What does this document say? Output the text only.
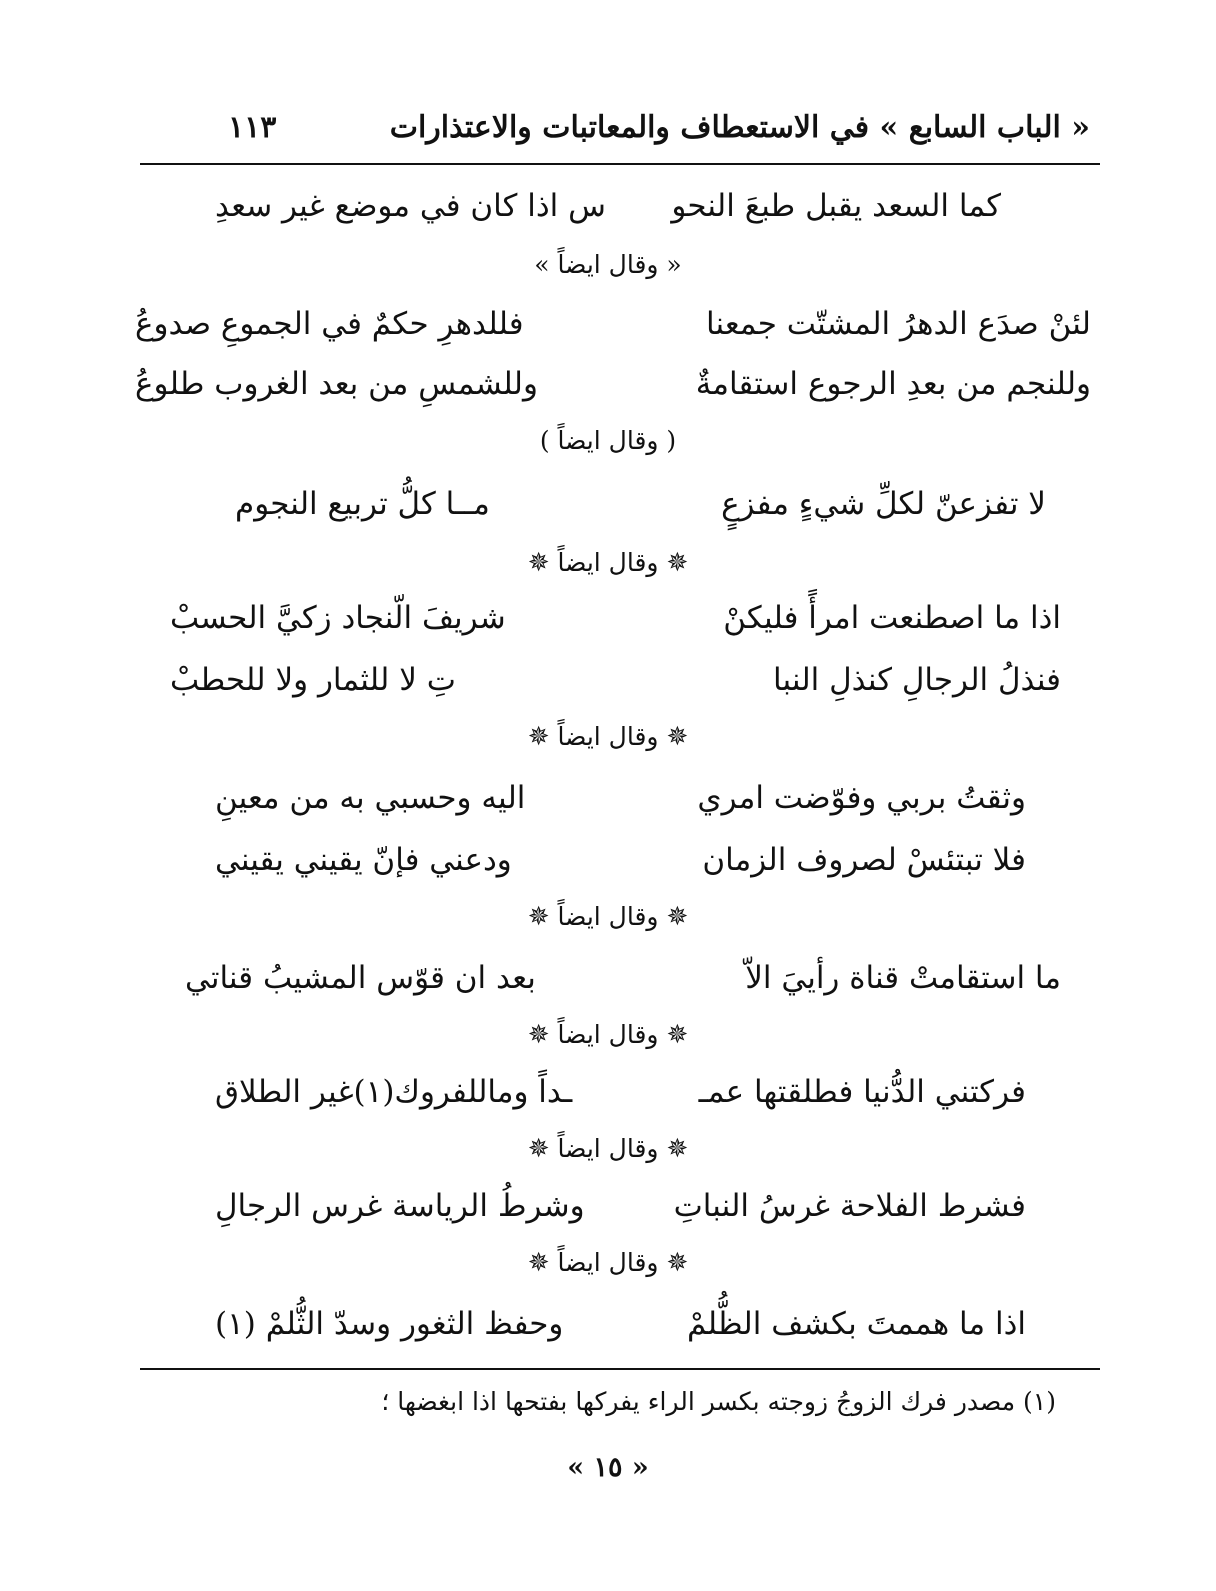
« الباب السابع » في الاستعطاف والمعاتبات والاعتذارات
١١٣
كما السعد يقبل طبعَ النحو
س اذا كان في موضع غير سعدِ
« وقال ايضاً »
لئنْ صدَع الدهرُ المشتّت جمعنا
فللدهرِ حكمٌ في الجموعِ صدوعُ
وللنجم من بعدِ الرجوع استقامةٌ
وللشمسِ من بعد الغروب طلوعُ
( وقال ايضاً )
لا تفزعنّ لكلِّ شيءٍ مفزعٍ
مــا كلُّ تربيع النجوم
✵وقال ايضاً✵
اذا ما اصطنعت امرأً فليكنْ
شريفَ الّنجاد زكيَّ الحسبْ
فنذلُ الرجالِ كنذلِ النبا
تِ لا للثمار ولا للحطبْ
✵وقال ايضاً✵
وثقتُ بربي وفوّضت امري
اليه وحسبي به من معينِ
فلا تبتئسْ لصروف الزمان
ودعني فإنّ يقيني يقيني
✵وقال ايضاً✵
ما استقامتْ قناة رأييَ الاّ
بعد ان قوّس المشيبُ قناتي
✵وقال ايضاً✵
فركتني الدُّنيا فطلقتها عمـ
ـداً وماللفروك(١)غير الطلاق
✵وقال ايضاً✵
فشرط الفلاحة غرسُ النباتِ
وشرطُ الرياسة غرس الرجالِ
✵وقال ايضاً✵
اذا ما هممتَ بكشف الظُّلمْ
وحفظ الثغور وسدّ الثُّلمْ (١)
(١) مصدر فرك الزوجُ زوجته بكسر الراء يفركها بفتحها اذا ابغضها ؛
« ١٥ »
